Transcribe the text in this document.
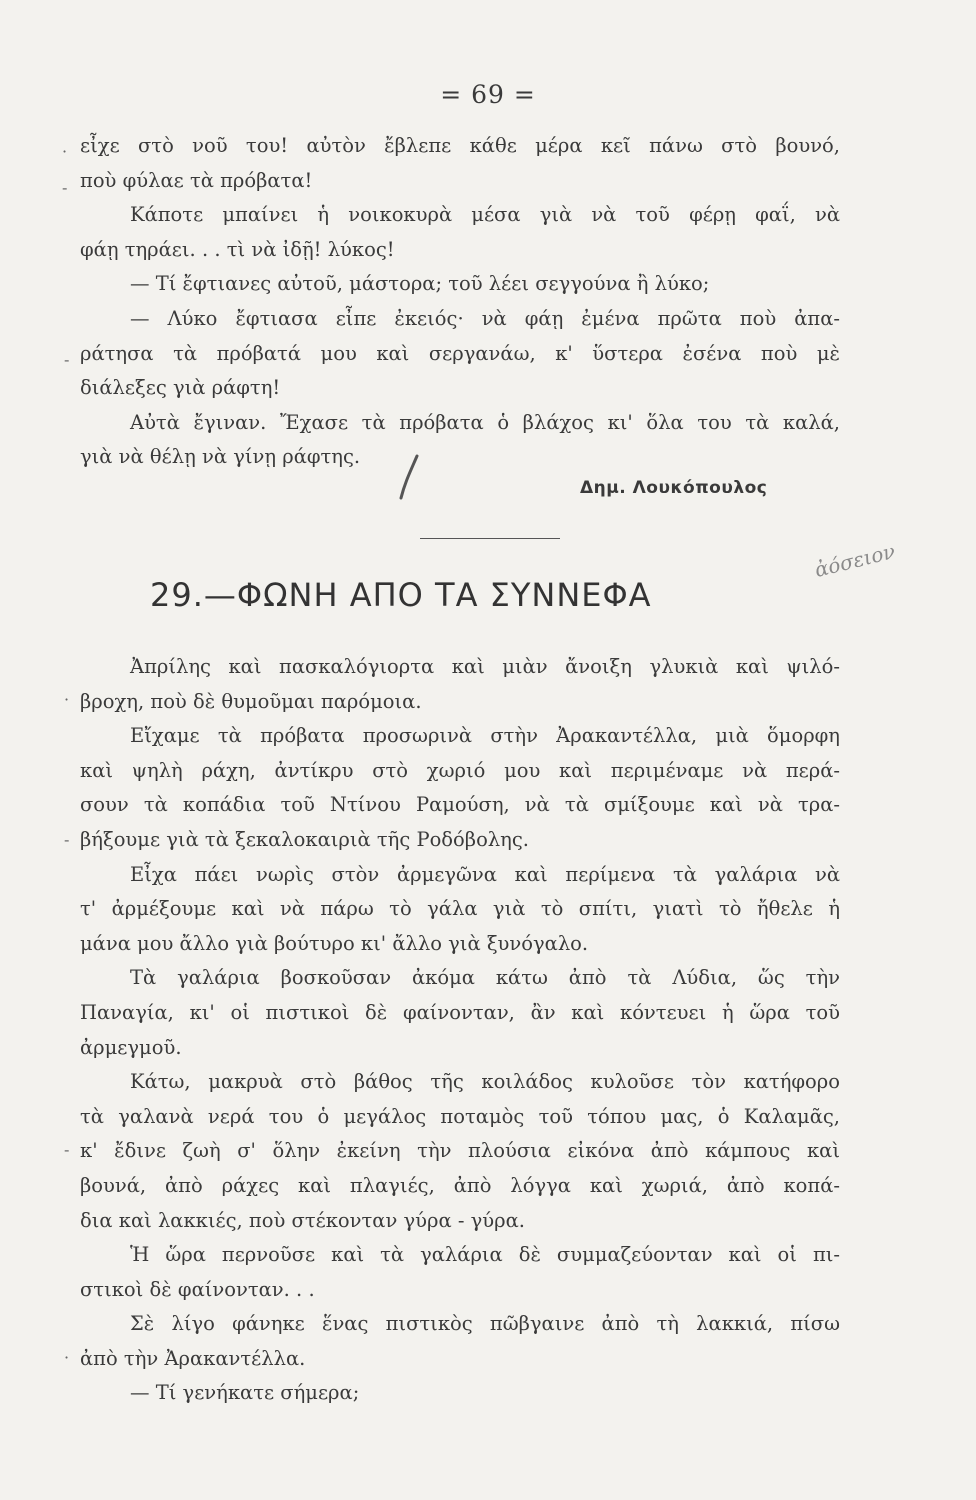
= 69 =

εἶχε στὸ νοῦ του! αὐτὸν ἔβλεπε κάθε μέρα κεῖ πάνω στὸ βουνό,

ποὺ φύλαε τὰ πρόβατα!

Κάποτε μπαίνει ἡ νοικοκυρὰ μέσα γιὰ νὰ τοῦ φέρῃ φαΐ, νὰ

φάῃ τηράει. . . τὶ νὰ ἰδῇ! λύκος!

— Τί ἔφτιανες αὐτοῦ, μάστορα; τοῦ λέει σεγγούνα ἢ λύκο;

— Λύκο ἔφτιασα εἶπε ἐκειός· νὰ φάῃ ἐμένα πρῶτα ποὺ ἀπα-

ράτησα τὰ πρόβατά μου καὶ σεργανάω, κ' ὕστερα ἐσένα ποὺ μὲ

διάλεξες γιὰ ράφτη!

Αὐτὰ ἔγιναν. Ἔχασε τὰ πρόβατα ὁ βλάχος κι' ὅλα του τὰ καλά,

γιὰ νὰ θέλῃ νὰ γίνῃ ράφτης.

Δημ. Λουκόπουλος
29.—ΦΩΝΗ ΑΠΟ ΤΑ ΣΥΝΝΕΦΑ
ἀόσειον

Ἀπρίλης καὶ πασκαλόγιορτα καὶ μιὰν ἄνοιξη γλυκιὰ καὶ ψιλό-

βροχη, ποὺ δὲ θυμοῦμαι παρόμοια.

Εἴχαμε τὰ πρόβατα προσωρινὰ στὴν Ἀρακαντέλλα, μιὰ ὅμορφη

καὶ ψηλὴ ράχη, ἀντίκρυ στὸ χωριό μου καὶ περιμέναμε νὰ περά-

σουν τὰ κοπάδια τοῦ Ντίνου Ραμούση, νὰ τὰ σμίξουμε καὶ νὰ τρα-

βήξουμε γιὰ τὰ ξεκαλοκαιριὰ τῆς Ροδόβολης.

Εἶχα πάει νωρὶς στὸν ἀρμεγῶνα καὶ περίμενα τὰ γαλάρια νὰ

τ' ἀρμέξουμε καὶ νὰ πάρω τὸ γάλα γιὰ τὸ σπίτι, γιατὶ τὸ ἤθελε ἡ

μάνα μου ἄλλο γιὰ βούτυρο κι' ἄλλο γιὰ ξυνόγαλο.

Τὰ γαλάρια βοσκοῦσαν ἀκόμα κάτω ἀπὸ τὰ Λύδια, ὥς τὴν

Παναγία, κι' οἱ πιστικοὶ δὲ φαίνονταν, ἂν καὶ κόντευει ἡ ὥρα τοῦ

ἀρμεγμοῦ.

Κάτω, μακρυὰ στὸ βάθος τῆς κοιλάδος κυλοῦσε τὸν κατήφορο

τὰ γαλανὰ νερά του ὁ μεγάλος ποταμὸς τοῦ τόπου μας, ὁ Καλαμᾶς,

κ' ἔδινε ζωὴ σ' ὅλην ἐκείνη τὴν πλούσια εἰκόνα ἀπὸ κάμπους καὶ

βουνά, ἀπὸ ράχες καὶ πλαγιές, ἀπὸ λόγγα καὶ χωριά, ἀπὸ κοπά-

δια καὶ λακκιές, ποὺ στέκονταν γύρα - γύρα.

Ἡ ὥρα περνοῦσε καὶ τὰ γαλάρια δὲ συμμαζεύονταν καὶ οἱ πι-

στικοὶ δὲ φαίνονταν. . .

Σὲ λίγο φάνηκε ἕνας πιστικὸς πῶβγαινε ἀπὸ τὴ λακκιά, πίσω

ἀπὸ τὴν Ἀρακαντέλλα.

— Τί γενήκατε σήμερα;

·
-
-
·
-
-
·
